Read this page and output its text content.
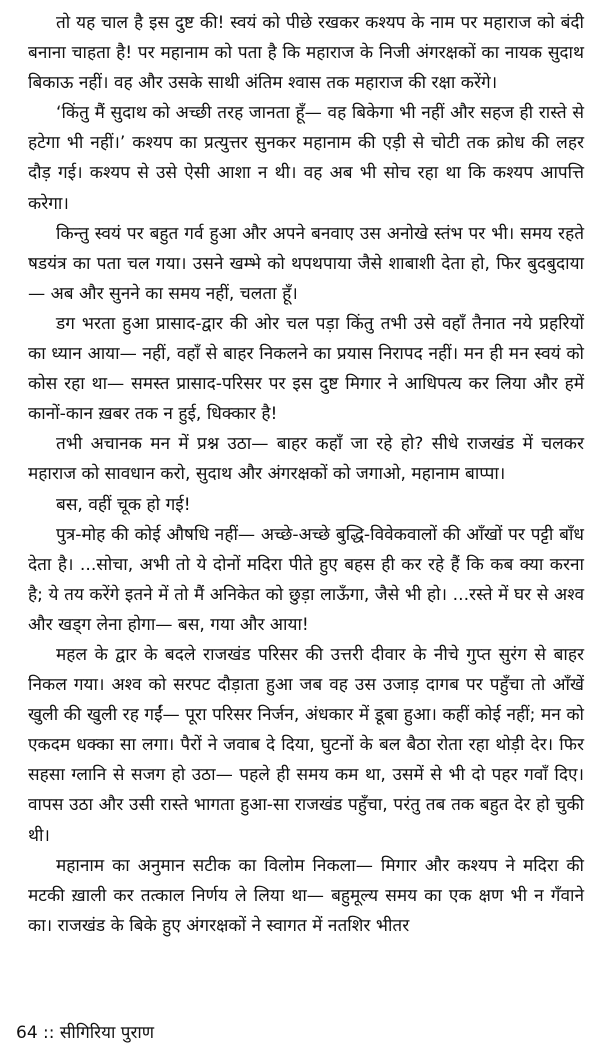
तो यह चाल है इस दुष्ट की! स्वयं को पीछे रखकर कश्यप के नाम पर महाराज को बंदी बनाना चाहता है! पर महानाम को पता है कि महाराज के निजी अंगरक्षकों का नायक सुदाथ बिकाऊ नहीं। वह और उसके साथी अंतिम श्वास तक महाराज की रक्षा करेंगे।

‘किंतु मैं सुदाथ को अच्छी तरह जानता हूँ— वह बिकेगा भी नहीं और सहज ही रास्ते से हटेगा भी नहीं।’ कश्यप का प्रत्युत्तर सुनकर महानाम की एड़ी से चोटी तक क्रोध की लहर दौड़ गई। कश्यप से उसे ऐसी आशा न थी। वह अब भी सोच रहा था कि कश्यप आपत्ति करेगा।

किन्तु स्वयं पर बहुत गर्व हुआ और अपने बनवाए उस अनोखे स्तंभ पर भी। समय रहते षडयंत्र का पता चल गया। उसने खम्भे को थपथपाया जैसे शाबाशी देता हो, फिर बुदबुदाया— अब और सुनने का समय नहीं, चलता हूँ।

डग भरता हुआ प्रासाद-द्वार की ओर चल पड़ा किंतु तभी उसे वहाँ तैनात नये प्रहरियों का ध्यान आया— नहीं, वहाँ से बाहर निकलने का प्रयास निरापद नहीं। मन ही मन स्वयं को कोस रहा था— समस्त प्रासाद-परिसर पर इस दुष्ट मिगार ने आधिपत्य कर लिया और हमें कानों-कान ख़बर तक न हुई, धिक्कार है!

तभी अचानक मन में प्रश्न उठा— बाहर कहाँ जा रहे हो? सीधे राजखंड में चलकर महाराज को सावधान करो, सुदाथ और अंगरक्षकों को जगाओ, महानाम बाप्पा।

बस, वहीं चूक हो गई!

पुत्र-मोह की कोई औषधि नहीं— अच्छे-अच्छे बुद्धि-विवेकवालों की आँखों पर पट्टी बाँध देता है। ...सोचा, अभी तो ये दोनों मदिरा पीते हुए बहस ही कर रहे हैं कि कब क्या करना है; ये तय करेंगे इतने में तो मैं अनिकेत को छुड़ा लाऊँगा, जैसे भी हो। ...रस्ते में घर से अश्व और खड्ग लेना होगा— बस, गया और आया!

महल के द्वार के बदले राजखंड परिसर की उत्तरी दीवार के नीचे गुप्त सुरंग से बाहर निकल गया। अश्व को सरपट दौड़ाता हुआ जब वह उस उजाड़ दागब पर पहुँचा तो आँखें खुली की खुली रह गईं— पूरा परिसर निर्जन, अंधकार में डूबा हुआ। कहीं कोई नहीं; मन को एकदम धक्का सा लगा। पैरों ने जवाब दे दिया, घुटनों के बल बैठा रोता रहा थोड़ी देर। फिर सहसा ग्लानि से सजग हो उठा— पहले ही समय कम था, उसमें से भी दो पहर गवाँ दिए। वापस उठा और उसी रास्ते भागता हुआ-सा राजखंड पहुँचा, परंतु तब तक बहुत देर हो चुकी थी।

महानाम का अनुमान सटीक का विलोम निकला— मिगार और कश्यप ने मदिरा की मटकी ख़ाली कर तत्काल निर्णय ले लिया था— बहुमूल्य समय का एक क्षण भी न गँवाने का। राजखंड के बिके हुए अंगरक्षकों ने स्वागत में नतशिर भीतर

64 :: सीगिरिया पुराण
